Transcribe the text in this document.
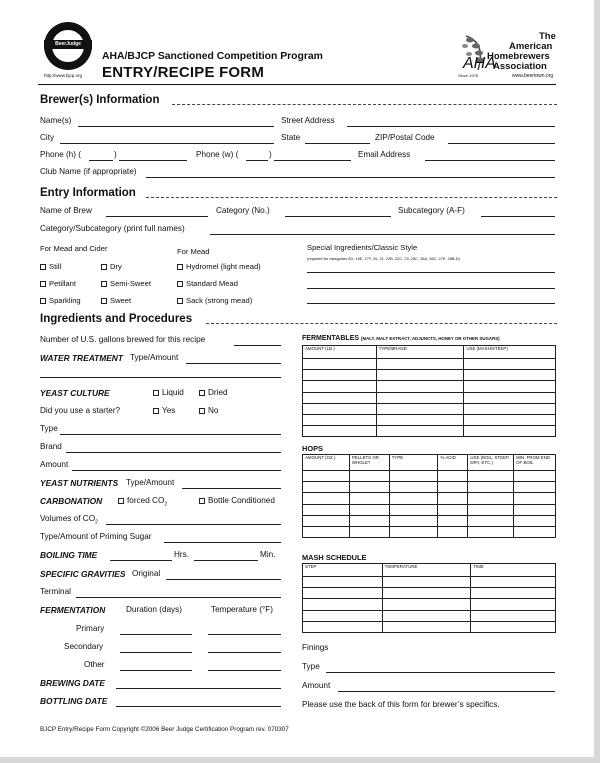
BeerJudge
http://www.bjcp.org
AHA/BJCP Sanctioned Competition Program
ENTRY/RECIPE FORM
The
American
Homebrewers
Association
AHA
Since 1978	www.beertown.org
Brewer(s) Information
Name(s)	Street Address
City	State	ZIP/Postal Code
Phone (h) (	)	Phone (w) (	)	Email Address
Club Name (if appropriate)
Entry Information
Name of Brew	Category (No.)	Subcategory (A-F)
Category/Subcategory (print full names)
For Mead and Cider	For Mead
Still
Petillant
Sparkling
Dry
Semi-Sweet
Sweet
Hydromel (light mead)
Standard Mead
Sack (strong mead)
Special Ingredients/Classic Style
(required for categories 6D, 16E, 17F, 20, 21, 22B, 22C, 23, 25C, 26A, 26C, 27E, 28B-D)
Ingredients and Procedures
Number of U.S. gallons brewed for this recipe
WATER TREATMENT Type/Amount
YEAST CULTURE	Liquid	Dried
Did you use a starter?	Yes	No
Type
Brand
Amount
YEAST NUTRIENTS Type/Amount
CARBONATION	forced $CO_2$	Bottle Conditioned
Volumes of $CO_2$
Type/Amount of Priming Sugar
BOILING TIME	Hrs.	Min.
SPECIFIC GRAVITIES Original
Terminal
FERMENTATION	Duration (days)	Temperature (°F)
Primary
Secondary
Other
BREWING DATE
BOTTLING DATE
FERMENTABLES (MALT, MALT EXTRACT, ADJUNCTS, HONEY OR OTHER SUGARS)
AMOUNT (LB.)	TYPE/BRAND	USE (MASH/STEEP)

HOPS
AMOUNT (OZ.)	PELLETS OR WHOLE?	TYPE	% ACID	USE (BOIL, STEEP, DRY, ETC.)	MIN. FROM END OF BOIL

MASH SCHEDULE
STEP	TEMPERATURE	TIME

Finings
Type
Amount
Please use the back of this form for brewer’s specifics.
BJCP Entry/Recipe Form Copyright ©2006 Beer Judge Certification Program rev. 070307
